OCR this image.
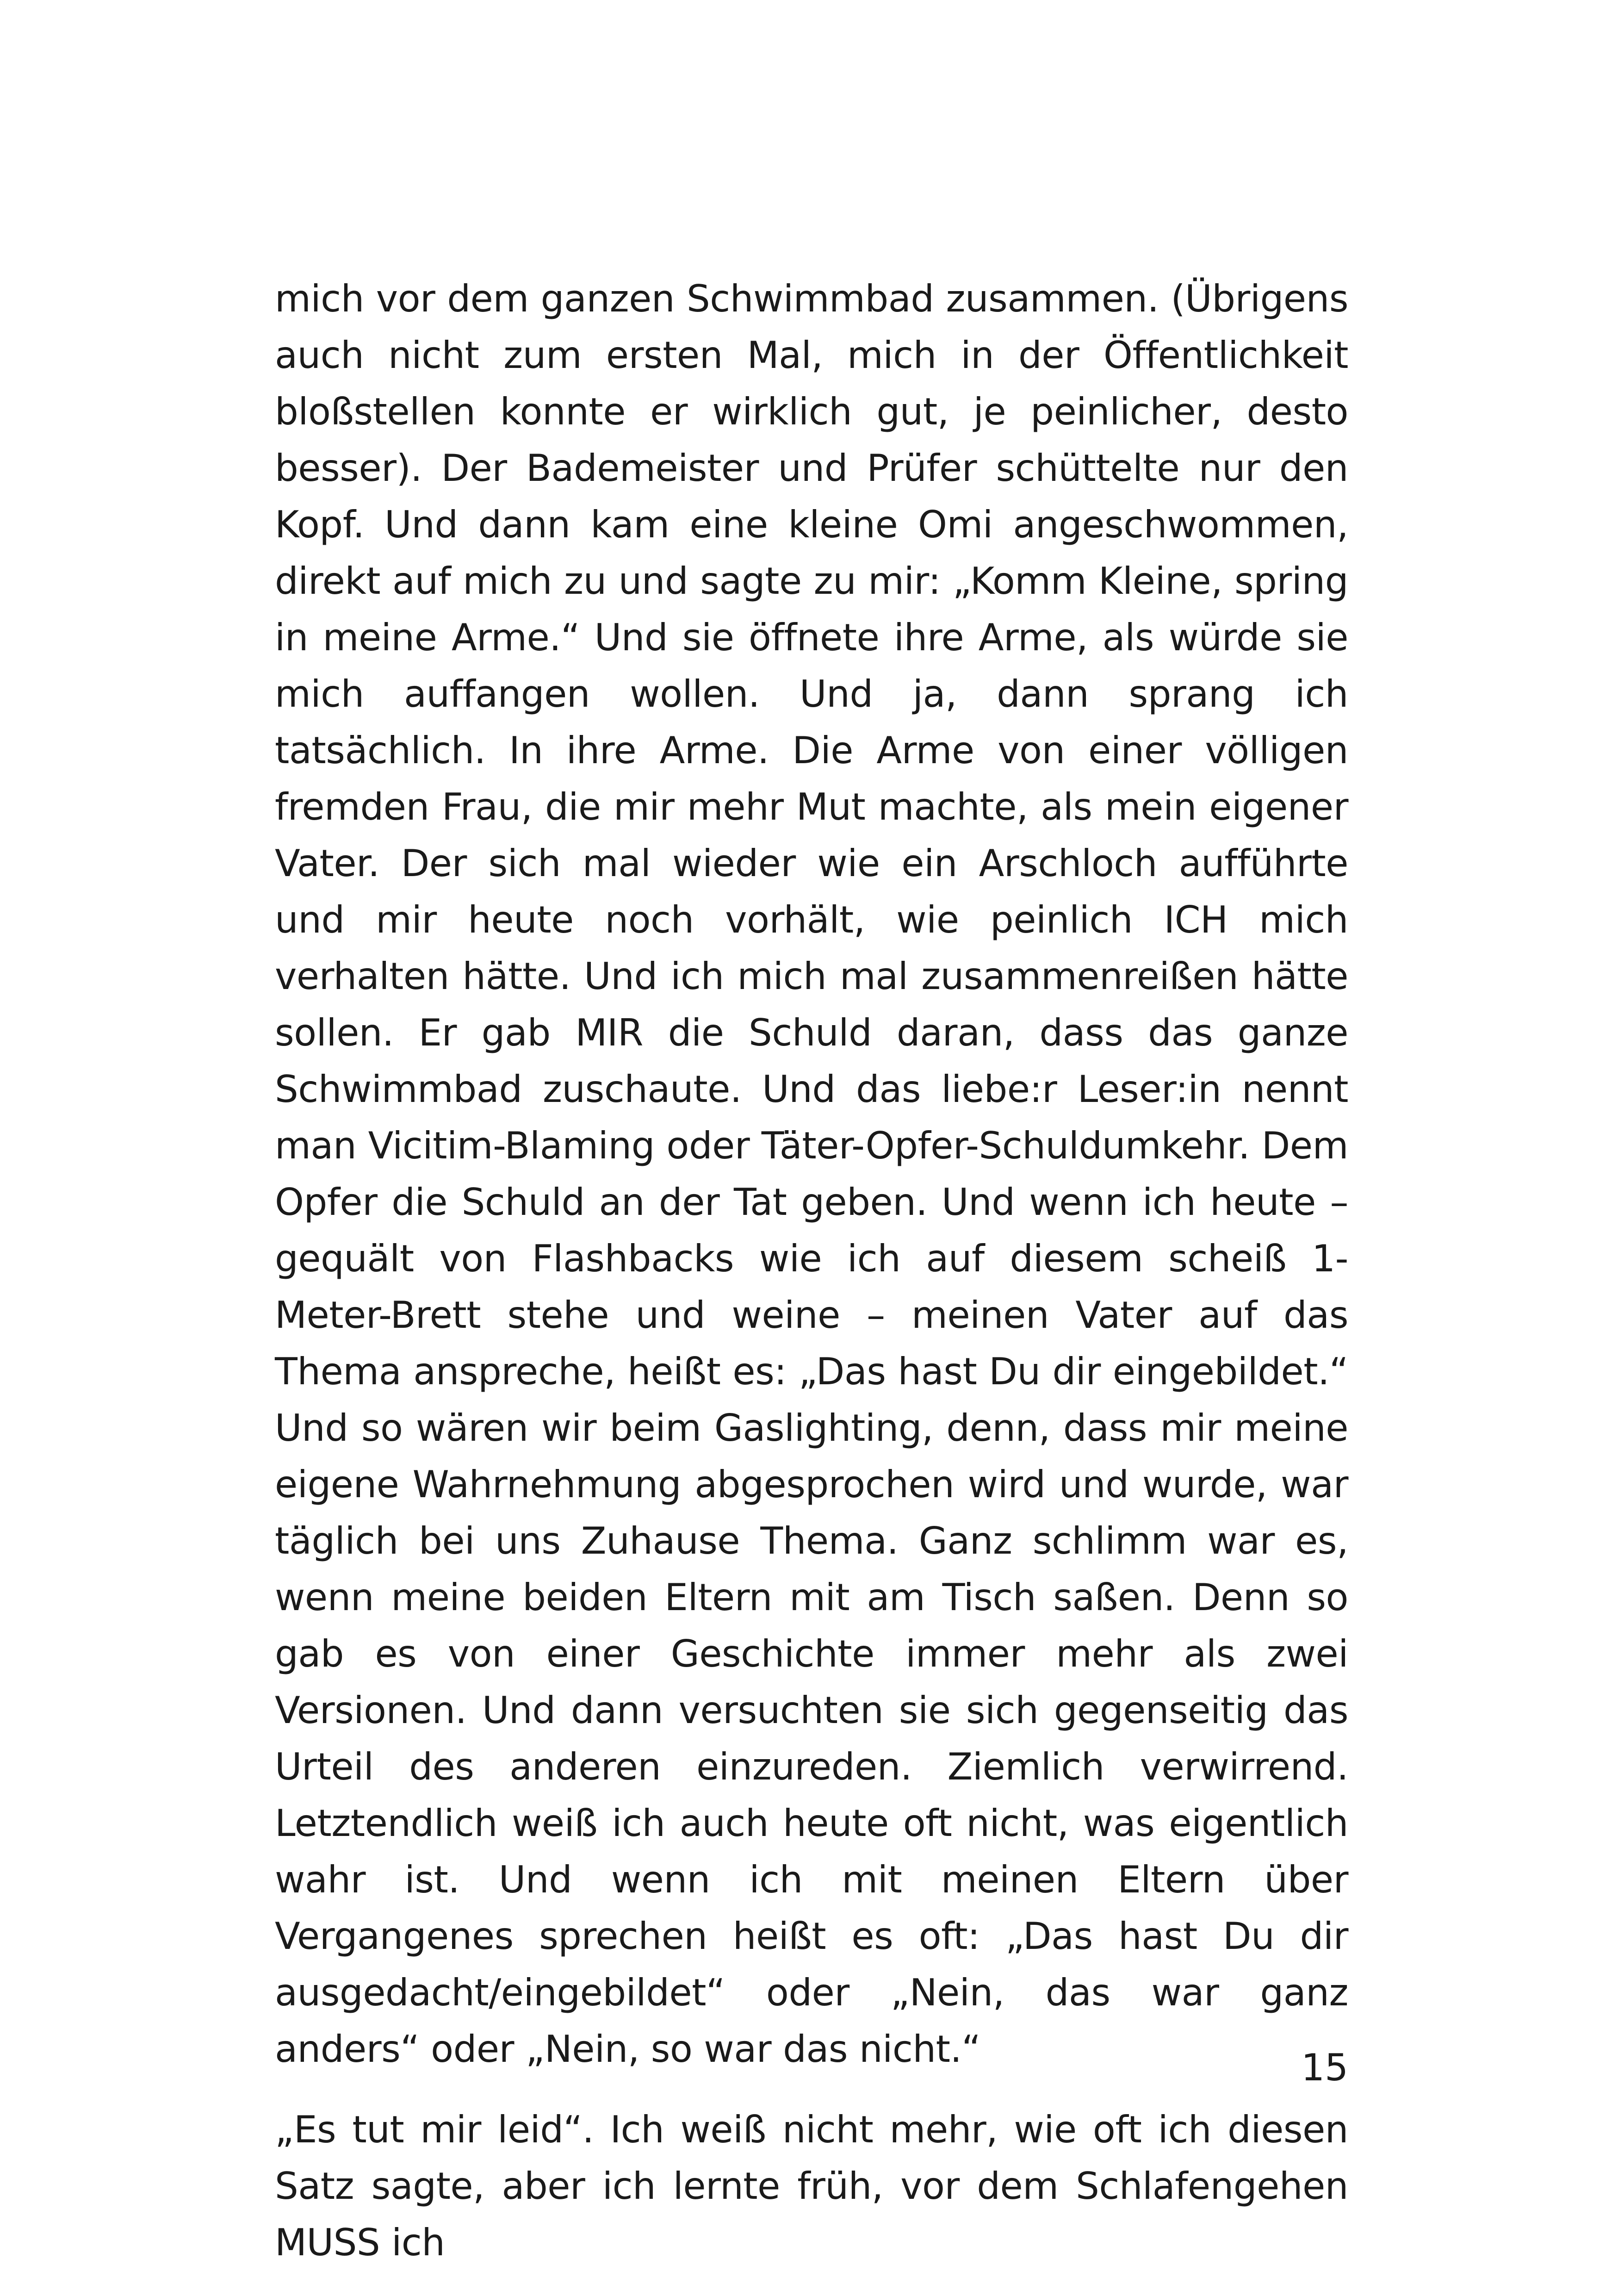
mich vor dem ganzen Schwimmbad zusammen. (Übrigens auch nicht zum ersten Mal, mich in der Öffentlichkeit bloßstellen konnte er wirklich gut, je peinlicher, desto besser). Der Bademeister und Prüfer schüttelte nur den Kopf. Und dann kam eine kleine Omi angeschwommen, direkt auf mich zu und sagte zu mir: „Komm Kleine, spring in meine Arme.“ Und sie öffnete ihre Arme, als würde sie mich auffangen wollen. Und ja, dann sprang ich tatsächlich. In ihre Arme. Die Arme von einer völligen fremden Frau, die mir mehr Mut machte, als mein eigener Vater. Der sich mal wieder wie ein Arschloch aufführte und mir heute noch vorhält, wie peinlich ICH mich verhalten hätte. Und ich mich mal zusammenreißen hätte sollen. Er gab MIR die Schuld daran, dass das ganze Schwimmbad zuschaute. Und das liebe:r Leser:in nennt man Vicitim-Blaming oder Täter-Opfer-Schuldumkehr. Dem Opfer die Schuld an der Tat geben. Und wenn ich heute – gequält von Flashbacks wie ich auf diesem scheiß 1-Meter-Brett stehe und weine – meinen Vater auf das Thema anspreche, heißt es: „Das hast Du dir eingebildet.“ Und so wären wir beim Gaslighting, denn, dass mir meine eigene Wahrnehmung abgesprochen wird und wurde, war täglich bei uns Zuhause Thema. Ganz schlimm war es, wenn meine beiden Eltern mit am Tisch saßen. Denn so gab es von einer Geschichte immer mehr als zwei Versionen. Und dann versuchten sie sich gegenseitig das Urteil des anderen einzureden. Ziemlich verwirrend. Letztendlich weiß ich auch heute oft nicht, was eigentlich wahr ist. Und wenn ich mit meinen Eltern über Vergangenes sprechen heißt es oft: „Das hast Du dir ausgedacht/eingebildet“ oder „Nein, das war ganz anders“ oder „Nein, so war das nicht.“

„Es tut mir leid“. Ich weiß nicht mehr, wie oft ich diesen Satz sagte, aber ich lernte früh, vor dem Schlafengehen MUSS ich

15
